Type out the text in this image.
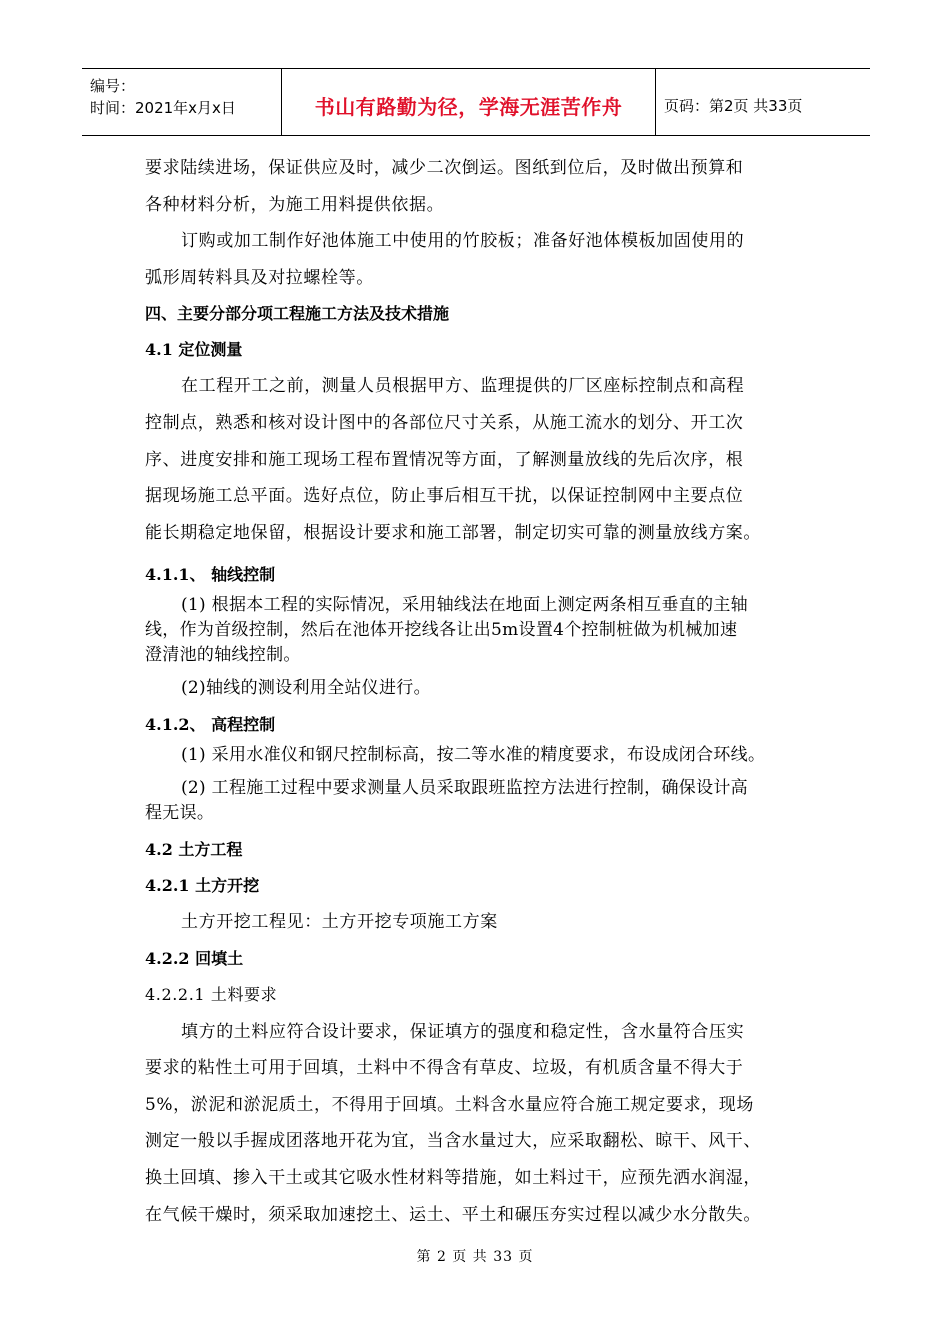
编号：
时间：2021年x月x日	书山有路勤为径，学海无涯苦作舟	页码：第2页 共33页

要求陆续进场，保证供应及时，减少二次倒运。图纸到位后，及时做出预算和

各种材料分析，为施工用料提供依据。

订购或加工制作好池体施工中使用的竹胶板；准备好池体模板加固使用的

弧形周转料具及对拉螺栓等。

四、主要分部分项工程施工方法及技术措施

4.1 定位测量

在工程开工之前，测量人员根据甲方、监理提供的厂区座标控制点和高程

控制点，熟悉和核对设计图中的各部位尺寸关系，从施工流水的划分、开工次

序、进度安排和施工现场工程布置情况等方面，了解测量放线的先后次序，根

据现场施工总平面。选好点位，防止事后相互干扰，以保证控制网中主要点位

能长期稳定地保留，根据设计要求和施工部署，制定切实可靠的测量放线方案。

4.1.1、 轴线控制

(1) 根据本工程的实际情况，采用轴线法在地面上测定两条相互垂直的主轴

线，作为首级控制，然后在池体开挖线各让出5m设置4个控制桩做为机械加速

澄清池的轴线控制。

(2)轴线的测设利用全站仪进行。

4.1.2、 高程控制

(1) 采用水准仪和钢尺控制标高，按二等水准的精度要求，布设成闭合环线。

(2) 工程施工过程中要求测量人员采取跟班监控方法进行控制，确保设计高

程无误。

4.2 土方工程

4.2.1 土方开挖

土方开挖工程见：土方开挖专项施工方案

4.2.2 回填土

4.2.2.1 土料要求

填方的土料应符合设计要求，保证填方的强度和稳定性，含水量符合压实

要求的粘性土可用于回填，土料中不得含有草皮、垃圾，有机质含量不得大于

5%，淤泥和淤泥质土，不得用于回填。土料含水量应符合施工规定要求，现场

测定一般以手握成团落地开花为宜，当含水量过大，应采取翻松、晾干、风干、

换土回填、掺入干土或其它吸水性材料等措施，如土料过干，应预先洒水润湿，

在气候干燥时，须采取加速挖土、运土、平土和碾压夯实过程以减少水分散失。

第 2 页 共 33 页
